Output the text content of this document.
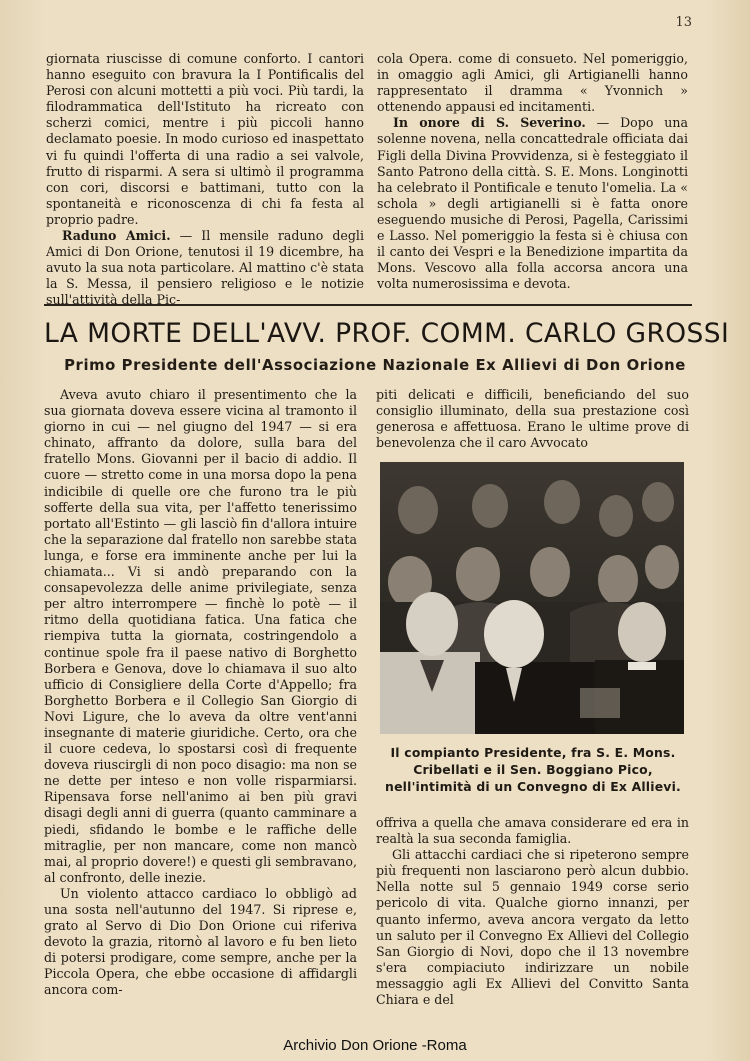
13

giornata riuscisse di comune conforto. I cantori hanno eseguito con bravura la I Pontificalis del Perosi con alcuni mottetti a più voci. Più tardi, la filodrammatica dell'Istituto ha ricreato con scherzi comici, mentre i più piccoli hanno declamato poesie. In modo curioso ed inaspettato vi fu quindi l'offerta di una radio a sei valvole, frutto di risparmi. A sera si ultimò il programma con cori, discorsi e battimani, tutto con la spontaneità e riconoscenza di chi fa festa al proprio padre.

Raduno Amici. — Il mensile raduno degli Amici di Don Orione, tenutosi il 19 dicembre, ha avuto la sua nota particolare. Al mattino c'è stata la S. Messa, il pensiero religioso e le notizie sull'attività della Pic-

cola Opera. come di consueto. Nel pomeriggio, in omaggio agli Amici, gli Artigianelli hanno rappresentato il dramma « Yvonnich » ottenendo appausi ed incitamenti.

In onore di S. Severino. — Dopo una solenne novena, nella concattedrale officiata dai Figli della Divina Provvidenza, si è festeggiato il Santo Patrono della città. S. E. Mons. Longinotti ha celebrato il Pontificale e tenuto l'omelia. La « schola » degli artigianelli si è fatta onore eseguendo musiche di Perosi, Pagella, Carissimi e Lasso. Nel pomeriggio la festa si è chiusa con il canto dei Vespri e la Benedizione impartita da Mons. Vescovo alla folla accorsa ancora una volta numerosissima e devota.

LA MORTE DELL'AVV. PROF. COMM. CARLO GROSSI
Primo Presidente dell'Associazione Nazionale Ex Allievi di Don Orione

Aveva avuto chiaro il presentimento che la sua giornata doveva essere vicina al tramonto il giorno in cui — nel giugno del 1947 — si era chinato, affranto da dolore, sulla bara del fratello Mons. Giovanni per il bacio di addio. Il cuore — stretto come in una morsa dopo la pena indicibile di quelle ore che furono tra le più sofferte della sua vita, per l'affetto tenerissimo portato all'Estinto — gli lasciò fin d'allora intuire che la separazione dal fratello non sarebbe stata lunga, e forse era imminente anche per lui la chiamata... Vi si andò preparando con la consapevolezza delle anime privilegiate, senza per altro interrompere — finchè lo potè — il ritmo della quotidiana fatica. Una fatica che riempiva tutta la giornata, costringendolo a continue spole fra il paese nativo di Borghetto Borbera e Genova, dove lo chiamava il suo alto ufficio di Consigliere della Corte d'Appello; fra Borghetto Borbera e il Collegio San Giorgio di Novi Ligure, che lo aveva da oltre vent'anni insegnante di materie giuridiche. Certo, ora che il cuore cedeva, lo spostarsi così di frequente doveva riuscirgli di non poco disagio: ma non se ne dette per inteso e non volle risparmiarsi. Ripensava forse nell'animo ai ben più gravi disagi degli anni di guerra (quanto camminare a piedi, sfidando le bombe e le raffiche delle mitraglie, per non mancare, come non mancò mai, al proprio dovere!) e questi gli sembravano, al confronto, delle inezie.

Un violento attacco cardiaco lo obbligò ad una sosta nell'autunno del 1947. Si riprese e, grato al Servo di Dio Don Orione cui riferiva devoto la grazia, ritornò al lavoro e fu ben lieto di potersi prodigare, come sempre, anche per la Piccola Opera, che ebbe occasione di affidargli ancora com-

piti delicati e difficili, beneficiando del suo consiglio illuminato, della sua prestazione così generosa e affettuosa. Erano le ultime prove di benevolenza che il caro Avvocato

Il compianto Presidente, fra S. E. Mons. Cribellati e il Sen. Boggiano Pico, nell'intimità di un Convegno di Ex Allievi.

offriva a quella che amava considerare ed era in realtà la sua seconda famiglia.

Gli attacchi cardiaci che si ripeterono sempre più frequenti non lasciarono però alcun dubbio. Nella notte sul 5 gennaio 1949 corse serio pericolo di vita. Qualche giorno innanzi, per quanto infermo, aveva ancora vergato da letto un saluto per il Convegno Ex Allievi del Collegio San Giorgio di Novi, dopo che il 13 novembre s'era compiaciuto indirizzare un nobile messaggio agli Ex Allievi del Convitto Santa Chiara e del

Archivio Don Orione -Roma
